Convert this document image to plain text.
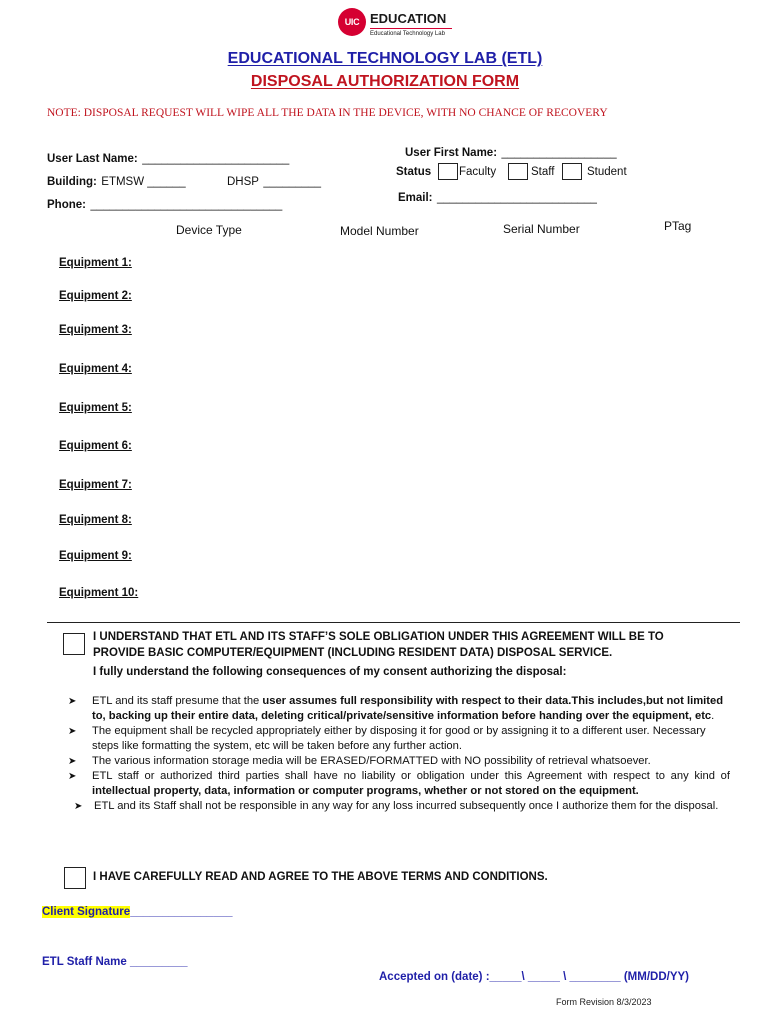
UIC EDUCATION
Educational Technology Lab
EDUCATIONAL TECHNOLOGY LAB (ETL)
DISPOSAL AUTHORIZATION FORM
NOTE: DISPOSAL REQUEST WILL WIPE ALL THE DATA IN THE DEVICE, WITH NO CHANCE OF RECOVERY
User Last Name: _______________________	User First Name: __________________
Building: ETMSW ______	DHSP _________
Status Faculty	Staff	Student
Phone: ______________________________
Email: _________________________
Device Type	Model Number	Serial Number	PTag
Equipment 1:
Equipment 2:
Equipment 3:
Equipment 4:
Equipment 5:
Equipment 6:
Equipment 7:
Equipment 8:
Equipment 9:
Equipment 10:
I UNDERSTAND THAT ETL AND ITS STAFF’S SOLE OBLIGATION UNDER THIS AGREEMENT WILL BE TO
PROVIDE BASIC COMPUTER/EQUIPMENT (INCLUDING RESIDENT DATA) DISPOSAL SERVICE.
I fully understand the following consequences of my consent authorizing the disposal:

➤ ETL and its staff presume that the user assumes full responsibility with respect to their data.This includes,but not limited to, backing up their entire data, deleting critical/private/sensitive information before handing over the equipment, etc.

➤ The equipment shall be recycled appropriately either by disposing it for good or by assigning it to a different user. Necessary steps like formatting the system, etc will be taken before any further action.

➤ The various information storage media will be ERASED/FORMATTED with NO possibility of retrieval whatsoever.

➤ ETL staff or authorized third parties shall have no liability or obligation under this Agreement with respect to any kind of intellectual property, data, information or computer programs, whether or not stored on the equipment.

➤ ETL and its Staff shall not be responsible in any way for any loss incurred subsequently once I authorize them for the disposal.

I HAVE CAREFULLY READ AND AGREE TO THE ABOVE TERMS AND CONDITIONS.
Client Signature________________
ETL Staff Name _________
Accepted on (date) :_____\ _____ \ ________ (MM/DD/YY)
Form Revision 8/3/2023
